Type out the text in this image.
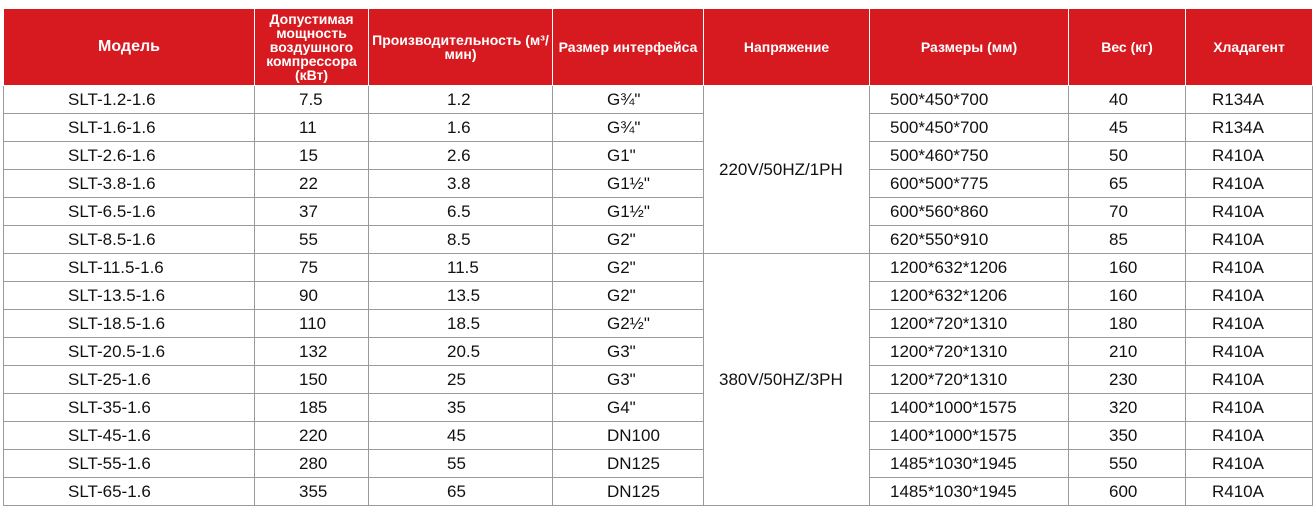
Модель	Допустимая мощность воздушного компрессора (кВт)	Производительность (м³/мин)	Размер интерфейса	Напряжение	Размеры (мм)	Вес (кг)	Хладагент
SLT-1.2-1.6	7.5	1.2	G¾"	220V/50HZ/1PH	500*450*700	40	R134A
SLT-1.6-1.6	11	1.6	G¾"		500*450*700	45	R134A
SLT-2.6-1.6	15	2.6	G1"		500*460*750	50	R410A
SLT-3.8-1.6	22	3.8	G1½"		600*500*775	65	R410A
SLT-6.5-1.6	37	6.5	G1½"		600*560*860	70	R410A
SLT-8.5-1.6	55	8.5	G2"		620*550*910	85	R410A
SLT-11.5-1.6	75	11.5	G2"	380V/50HZ/3PH	1200*632*1206	160	R410A
SLT-13.5-1.6	90	13.5	G2"		1200*632*1206	160	R410A
SLT-18.5-1.6	110	18.5	G2½"		1200*720*1310	180	R410A
SLT-20.5-1.6	132	20.5	G3"		1200*720*1310	210	R410A
SLT-25-1.6	150	25	G3"		1200*720*1310	230	R410A
SLT-35-1.6	185	35	G4"		1400*1000*1575	320	R410A
SLT-45-1.6	220	45	DN100		1400*1000*1575	350	R410A
SLT-55-1.6	280	55	DN125		1485*1030*1945	550	R410A
SLT-65-1.6	355	65	DN125		1485*1030*1945	600	R410A
